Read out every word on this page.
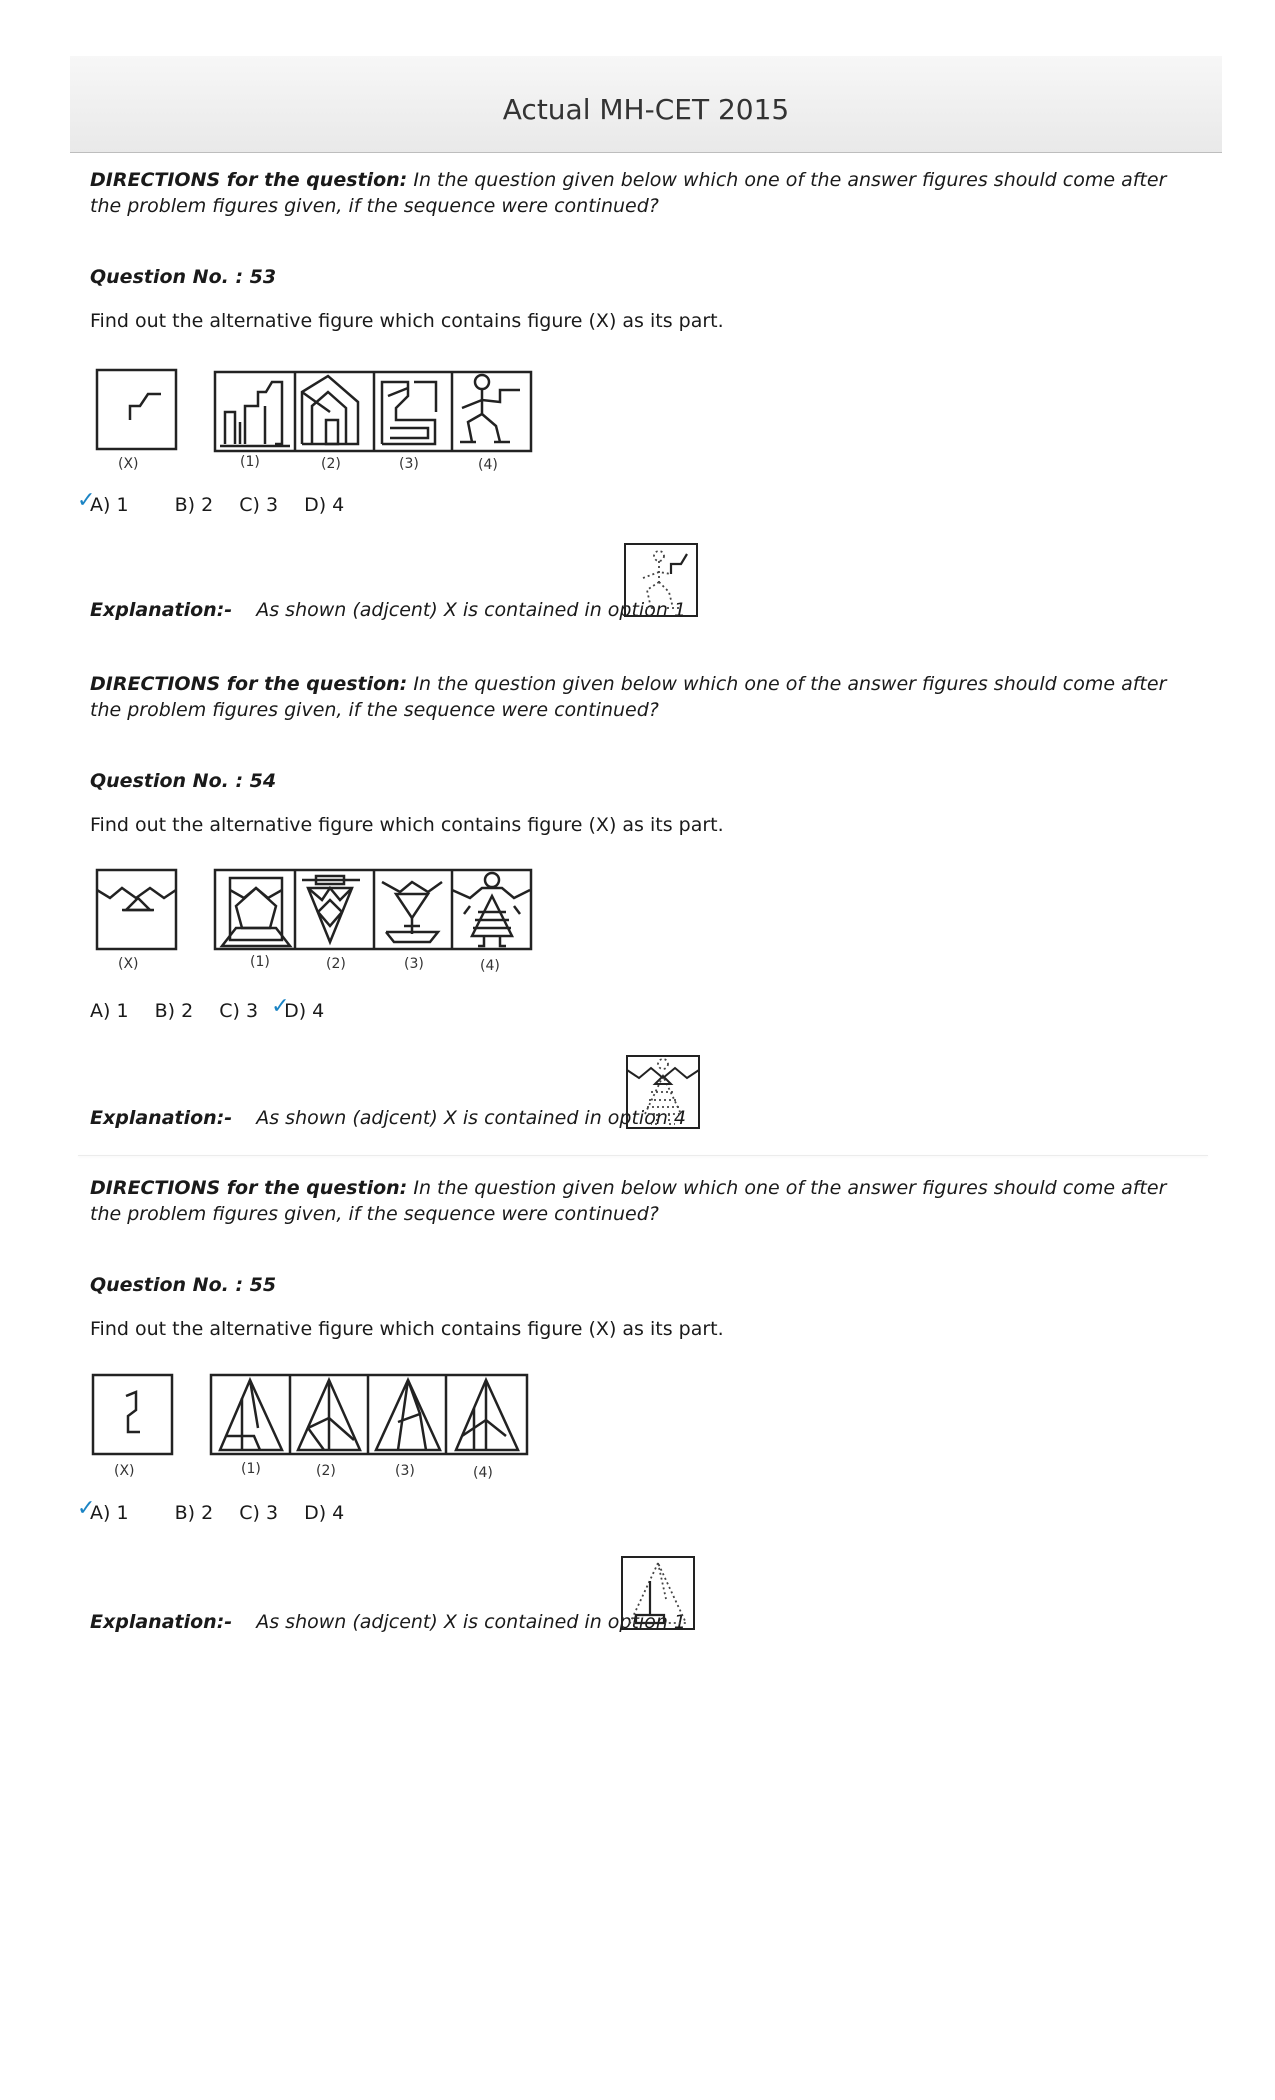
Actual MH-CET 2015
DIRECTIONS for the question: In the question given below which one of the answer figures should come after the problem figures given, if the sequence were continued?
Question No. : 53
Find out the alternative figure which contains figure (X) as its part.
(X)	(1)	(2)	(3)	(4)
✓
A) 1 B) 2 C) 3 D) 4
Explanation:- As shown (adjcent) X is contained in option 1
DIRECTIONS for the question: In the question given below which one of the answer figures should come after the problem figures given, if the sequence were continued?
Question No. : 54
Find out the alternative figure which contains figure (X) as its part.
(X)	(1)	(2)	(3)	(4)
A) 1 B) 2 C) 3 ✓
D) 4
Explanation:- As shown (adjcent) X is contained in option 4
DIRECTIONS for the question: In the question given below which one of the answer figures should come after the problem figures given, if the sequence were continued?
Question No. : 55
Find out the alternative figure which contains figure (X) as its part.
(X)	(1)	(2)	(3)	(4)
✓
A) 1 B) 2 C) 3 D) 4
Explanation:- As shown (adjcent) X is contained in option 1
